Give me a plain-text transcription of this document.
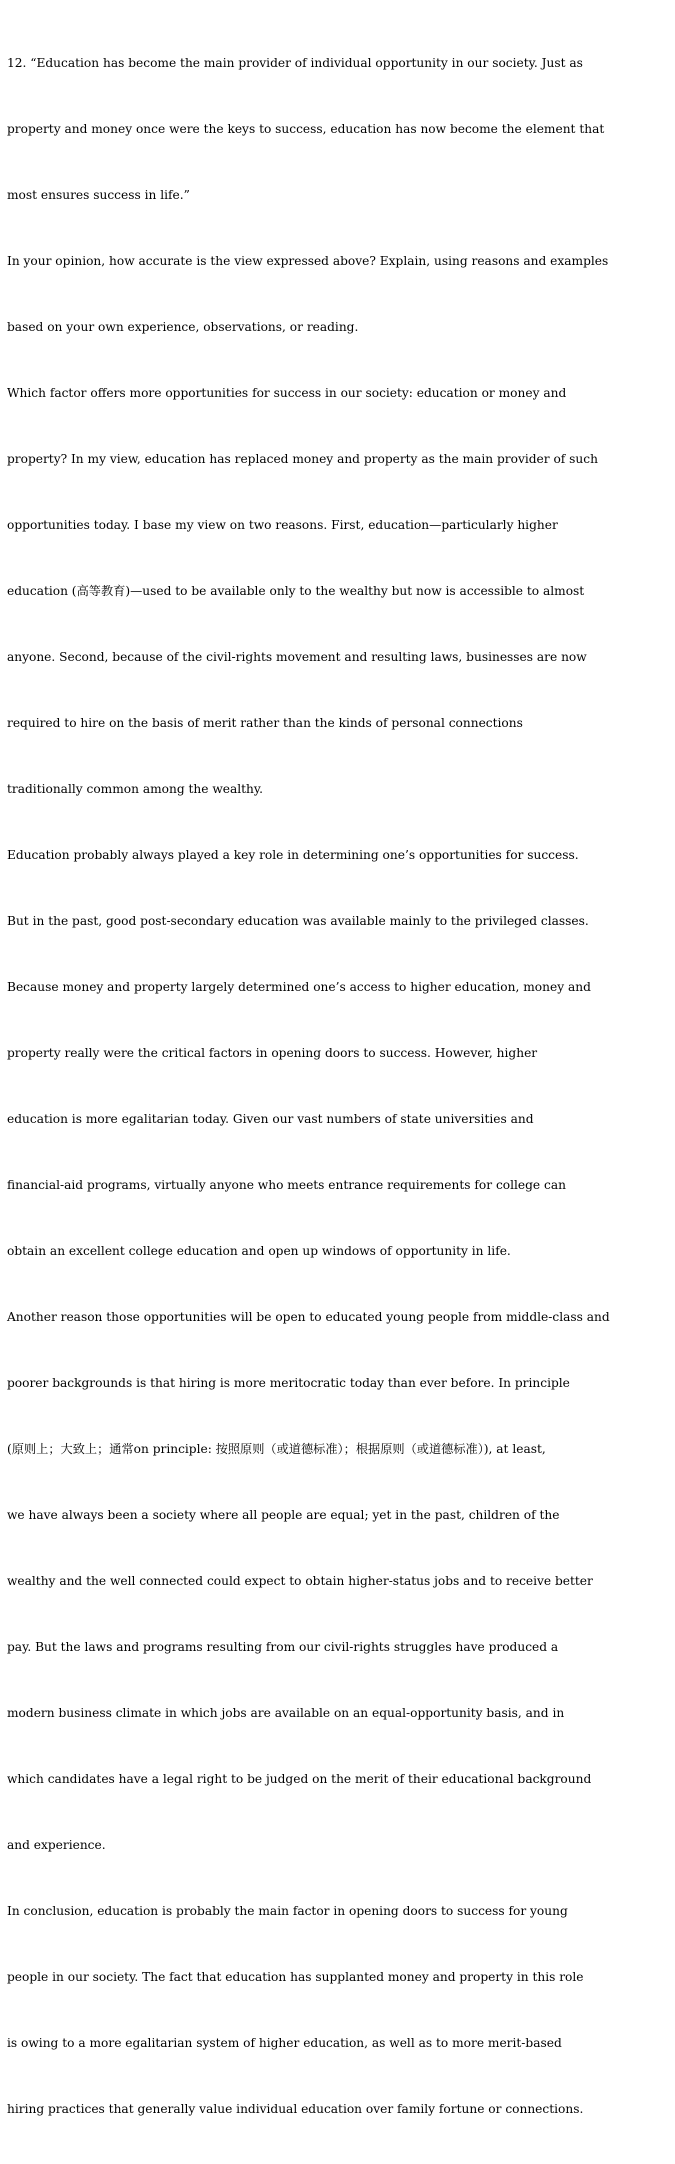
12. “Education has become the main provider of individual opportunity in our society. Just as

property and money once were the keys to success, education has now become the element that

most ensures success in life.”

In your opinion, how accurate is the view expressed above? Explain, using reasons and examples

based on your own experience, observations, or reading.

Which factor offers more opportunities for success in our society: education or money and

property? In my view, education has replaced money and property as the main provider of such

opportunities today. I base my view on two reasons. First, education—particularly higher

education (高等教育)—used to be available only to the wealthy but now is accessible to almost

anyone. Second, because of the civil-rights movement and resulting laws, businesses are now

required to hire on the basis of merit rather than the kinds of personal connections

traditionally common among the wealthy.

Education probably always played a key role in determining one’s opportunities for success.

But in the past, good post-secondary education was available mainly to the privileged classes.

Because money and property largely determined one’s access to higher education, money and

property really were the critical factors in opening doors to success. However, higher

education is more egalitarian today. Given our vast numbers of state universities and

financial-aid programs, virtually anyone who meets entrance requirements for college can

obtain an excellent college education and open up windows of opportunity in life.

Another reason those opportunities will be open to educated young people from middle-class and

poorer backgrounds is that hiring is more meritocratic today than ever before. In principle

(原则上；大致上；通常on principle: 按照原则（或道德标准）；根据原则（或道德标准）), at least,

we have always been a society where all people are equal; yet in the past, children of the

wealthy and the well connected could expect to obtain higher-status jobs and to receive better

pay. But the laws and programs resulting from our civil-rights struggles have produced a

modern business climate in which jobs are available on an equal-opportunity basis, and in

which candidates have a legal right to be judged on the merit of their educational background

and experience.

In conclusion, education is probably the main factor in opening doors to success for young

people in our society. The fact that education has supplanted money and property in this role

is owing to a more egalitarian system of higher education, as well as to more merit-based

hiring practices that generally value individual education over family fortune or connections.
